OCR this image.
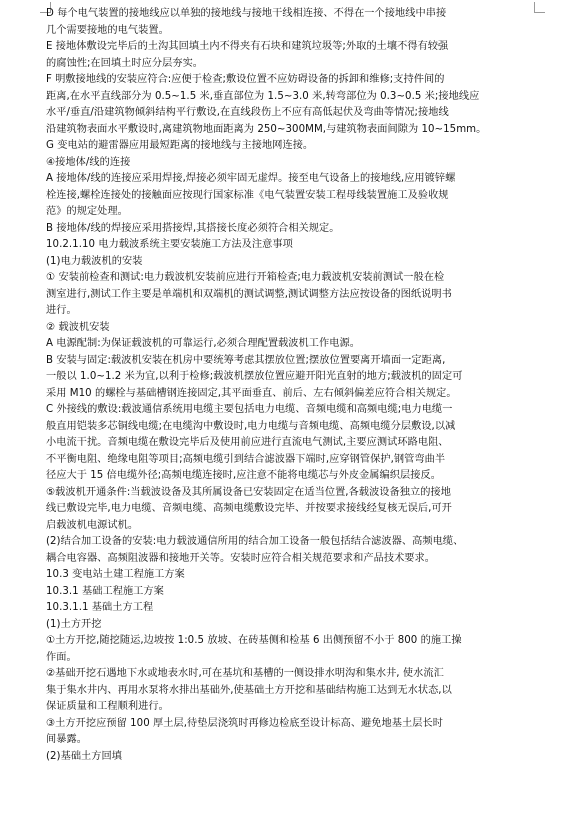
D 每个电气装置的接地线应以单独的接地线与接地干线相连接、不得在一个接地线中串接
几个需要接地的电气装置。
E 接地体敷设完毕后的土沟其回填土内不得夹有石块和建筑垃圾等;外取的土壤不得有较强
的腐蚀性;在回填土时应分层夯实。
F 明敷接地线的安装应符合:应便于检查;敷设位置不应妨碍设备的拆卸和维修;支持件间的
距离,在水平直线部分为 0.5~1.5 米,垂直部位为 1.5~3.0 米,转弯部位为 0.3~0.5 米;接地线应
水平/垂直/沿建筑物倾斜结构平行敷设,在直线段伤上不应有高低起伏及弯曲等情况;接地线
沿建筑物表面水平敷设时,离建筑物地面距离为 250~300MM,与建筑物表面间隙为 10~15mm。
G 变电站的避雷器应用最短距离的接地线与主接地网连接。
④接地体/线的连接
A 接地体/线的连接应采用焊接,焊接必须牢固无虚焊。接至电气设备上的接地线,应用镀锌螺
栓连接,螺栓连接处的接触面应按现行国家标准《电气装置安装工程母线装置施工及验收规
范》的规定处理。
B 接地体/线的焊接应采用搭接焊,其搭接长度必须符合相关规定。
10.2.1.10 电力载波系统主要安装施工方法及注意事项
(1)电力载波机的安装
① 安装前检查和测试:电力载波机安装前应进行开箱检查;电力载波机安装前测试一般在检
测室进行,测试工作主要是单端机和双端机的测试调整,测试调整方法应按设备的图纸说明书
进行。
② 载波机安装
A 电源配制:为保证载波机的可靠运行,必须合理配置载波机工作电源。
B 安装与固定:载波机安装在机房中要统筹考虑其摆放位置;摆放位置要离开墙面一定距离,
一般以 1.0~1.2 米为宜,以利于检修;载波机摆放位置应避开阳光直射的地方;载波机的固定可
采用 M10 的螺栓与基础槽钢连接固定,其平面垂直、前后、左右倾斜偏差应符合相关规定。
C 外接线的敷设:载波通信系统用电缆主要包括电力电缆、音频电缆和高频电缆;电力电缆一
般直用铠装多芯铜线电缆;在电缆沟中敷设时,电力电缆与音频电缆、高频电缆分层敷设,以减
小电流干扰。音频电缆在敷设完毕后及使用前应进行直流电气测试,主要应测试环路电阻、
不平衡电阻、绝缘电阻等项目;高频电缆引到结合滤波器下端时,应穿钢管保护,钢管弯曲半
径应大于 15 倍电缆外径;高频电缆连接时,应注意不能将电缆芯与外皮金属编织层接反。
⑤载波机开通条件:当载波设备及其所属设备已安装固定在适当位置,各载波设备独立的接地
线已敷设完毕,电力电缆、音频电缆、高频电缆敷设完毕、并按要求接线经复核无误后,可开
启载波机电源试机。
(2)结合加工设备的安装:电力载波通信所用的结合加工设备一般包括结合滤波器、高频电缆、
耦合电容器、高频阻波器和接地开关等。安装时应符合相关规范要求和产品技术要求。
10.3 变电站土建工程施工方案
10.3.1 基础工程施工方案
10.3.1.1 基础土方工程
(1)土方开挖
①土方开挖,随挖随运,边坡按 1:0.5 放坡、在砖基侧和检基 6 出侧预留不小于 800 的施工操
作面。
②基础开挖石遇地下水或地表水时,可在基坑和基槽的一侧设排水明沟和集水井, 使水流汇
集于集水井内、再用水泵将水排出基础外,使基础土方开挖和基础结构施工达到无水状态,以
保证质量和工程顺利进行。
③土方开挖应预留 100 厚土层,待垫层浇筑时再修边检底至设计标高、避免地基土层长时
间暴露。
(2)基础土方回填
